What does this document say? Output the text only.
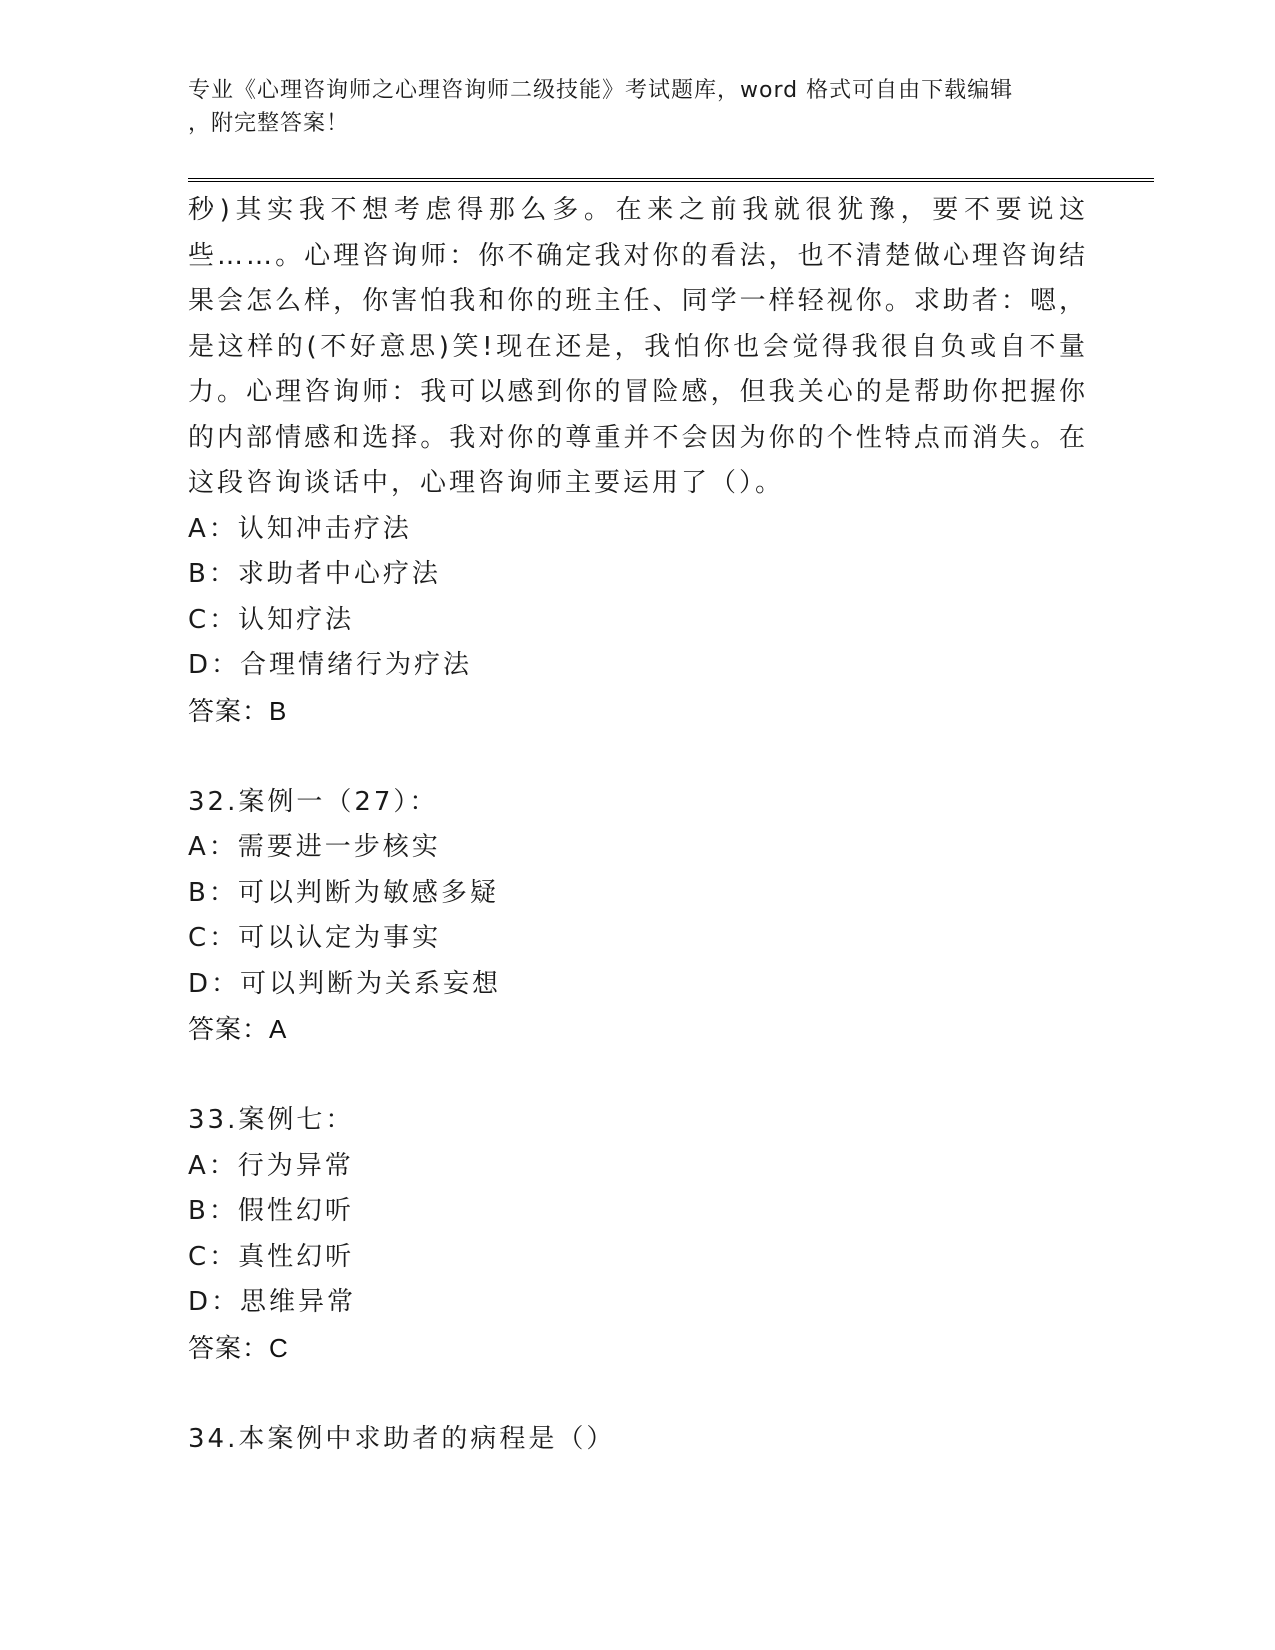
专业《心理咨询师之心理咨询师二级技能》考试题库，word 格式可自由下载编辑
，附完整答案！

秒)其实我不想考虑得那么多。在来之前我就很犹豫，要不要说这些……。心理咨询师：你不确定我对你的看法，也不清楚做心理咨询结果会怎么样，你害怕我和你的班主任、同学一样轻视你。求助者：嗯，是这样的(不好意思)笑!现在还是，我怕你也会觉得我很自负或自不量力。心理咨询师：我可以感到你的冒险感，但我关心的是帮助你把握你的内部情感和选择。我对你的尊重并不会因为你的个性特点而消失。在这段咨询谈话中，心理咨询师主要运用了（）。

A：认知冲击疗法

B：求助者中心疗法

C：认知疗法

D：合理情绪行为疗法

答案：B

32.案例一（27）：

A：需要进一步核实

B：可以判断为敏感多疑

C：可以认定为事实

D：可以判断为关系妄想

答案：A

33.案例七：

A：行为异常

B：假性幻听

C：真性幻听

D：思维异常

答案：C

34.本案例中求助者的病程是（）
